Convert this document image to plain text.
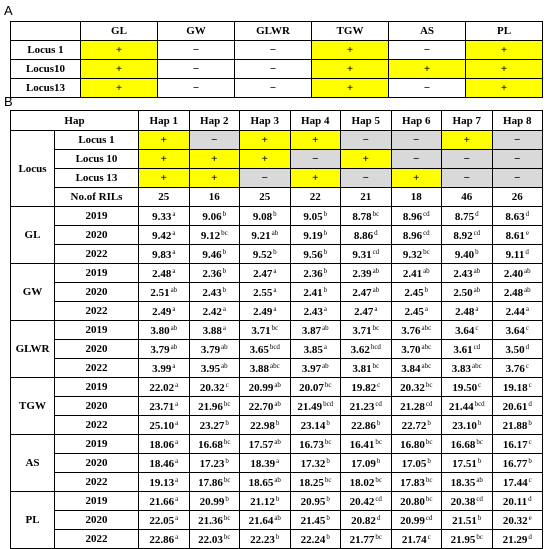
A
	GL	GW	GLWR	TGW	AS	PL
Locus 1	+	−	−	+	−	+
Locus10	+	−	−	+	+	+
Locus13	+	−	−	+	−	+
B
Hap		Hap 1	Hap 2	Hap 3	Hap 4	Hap 5	Hap 6	Hap 7	Hap 8
Locus	Locus 1	+	−	+	+	−	−	+	−
	Locus 10	+	+	+	−	+	−	−	−
	Locus 13	+	+	−	+	−	+	−	−
	No.of RILs	25	16	25	22	21	18	46	26
GL	2019	9.33$^a$	9.06$^b$	9.08$^b$	9.05$^b$	8.78$^{bc}$	8.96$^{cd}$	8.75$^d$	8.63$^d$
	2020	9.42$^a$	9.12$^{bc}$	9.21$^{ab}$	9.19$^b$	8.86$^d$	8.96$^{cd}$	8.92$^{cd}$	8.61e
	2022	9.83$^a$	9.46$^b$	9.52$^b$	9.56$^b$	9.31$^{cd}$	9.32$^{bc}$	9.40$^b$	9.11$^d$
GW	2019	2.48$^a$	2.36$^b$	2.47$^a$	2.36$^b$	2.39$^{ab}$	2.41$^{ab}$	2.43$^{ab}$	2.40$^{ab}$
	2020	2.51$^{ab}$	2.43$^b$	2.55$^a$	2.41$^b$	2.47$^{ab}$	2.45$^b$	2.50$^{ab}$	2.48$^{ab}$
	2022	2.49$^a$	2.42$^a$	2.49$^a$	2.43$^a$	2.47$^a$	2.45$^a$	2.48$^a$	2.44$^a$
GLWR	2019	3.80$^{ab}$	3.88$^a$	3.71$^{bc}$	3.87$^{ab}$	3.71$^{bc}$	3.76$^{abc}$	3.64$^c$	3.64$^c$
	2020	3.79$^{ab}$	3.79$^{ab}$	3.65$^{bcd}$	3.85$^a$	3.62$^{bcd}$	3.70$^{abc}$	3.61$^{cd}$	3.50$^d$
	2022	3.99$^a$	3.95$^{ab}$	3.88$^{abc}$	3.97$^{ab}$	3.81$^{bc}$	3.84$^{abc}$	3.83$^{abc}$	3.76$^c$
TGW	2019	22.02$^a$	20.32$^c$	20.99$^{ab}$	20.07$^{bc}$	19.82$^c$	20.32$^{bc}$	19.50$^c$	19.18$^c$
	2020	23.71$^a$	21.96$^{bc}$	22.70$^{ab}$	21.49$^{bcd}$	21.23$^{cd}$	21.28$^{cd}$	21.44$^{bcd}$	20.61$^d$
	2022	25.10$^a$	23.27$^b$	22.98$^b$	23.14$^b$	22.86$^b$	22.72$^b$	23.10$^b$	21.88$^b$
AS	2019	18.06$^a$	16.68$^{bc}$	17.57$^{ab}$	16.73$^{bc}$	16.41$^{bc}$	16.80$^{bc}$	16.68$^{bc}$	16.17$^c$
	2020	18.46$^a$	17.23$^b$	18.39$^a$	17.32$^b$	17.09$^b$	17.05$^b$	17.51$^b$	16.77$^b$
	2022	19.13$^a$	17.86$^{bc}$	18.65$^{ab}$	18.25$^{bc}$	18.02$^{bc}$	17.83$^{bc}$	18.35$^{ab}$	17.44$^c$
PL	2019	21.66$^a$	20.99$^b$	21.12$^b$	20.95$^b$	20.42$^{cd}$	20.80$^{bc}$	20.38$^{cd}$	20.11$^d$
	2020	22.05$^a$	21.36$^{bc}$	21.64$^{ab}$	21.45$^b$	20.82$^d$	20.99$^{cd}$	21.51$^b$	20.32e
	2022	22.86$^a$	22.03$^{bc}$	22.23$^b$	22.24$^b$	21.77$^{bc}$	21.74$^c$	21.95$^{bc}$	21.29$^d$
